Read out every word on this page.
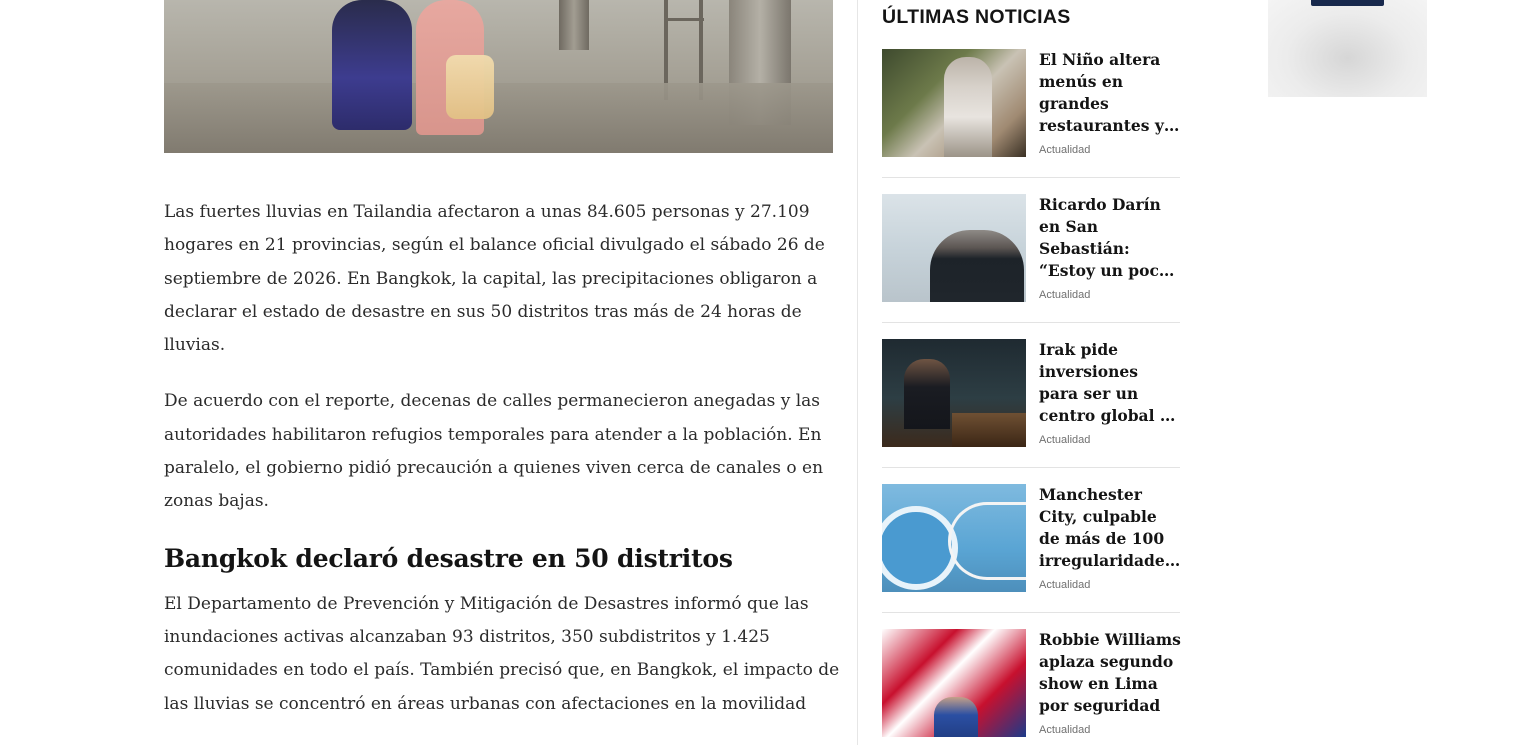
Las fuertes lluvias en Tailandia afectaron a unas 84.605 personas y 27.109 hogares en 21 provincias, según el balance oficial divulgado el sábado 26 de septiembre de 2026. En Bangkok, la capital, las precipitaciones obligaron a declarar el estado de desastre en sus 50 distritos tras más de 24 horas de lluvias.

De acuerdo con el reporte, decenas de calles permanecieron anegadas y las autoridades habilitaron refugios temporales para atender a la población. En paralelo, el gobierno pidió precaución a quienes viven cerca de canales o en zonas bajas.

Bangkok declaró desastre en 50 distritos

El Departamento de Prevención y Mitigación de Desastres informó que las inundaciones activas alcanzaban 93 distritos, 350 subdistritos y 1.425 comunidades en todo el país. También precisó que, en Bangkok, el impacto de las lluvias se concentró en áreas urbanas con afectaciones en la movilidad

ÚLTIMAS NOTICIAS
El Niño altera menús en grandes restaurantes y
Actualidad
Ricardo Darín en San Sebastián: “Estoy un poco
Actualidad
Irak pide inversiones para ser un centro global de
Actualidad
Manchester City, culpable de más de 100 irregularidades
Actualidad
Robbie Williams aplaza segundo show en Lima por seguridad
Actualidad
